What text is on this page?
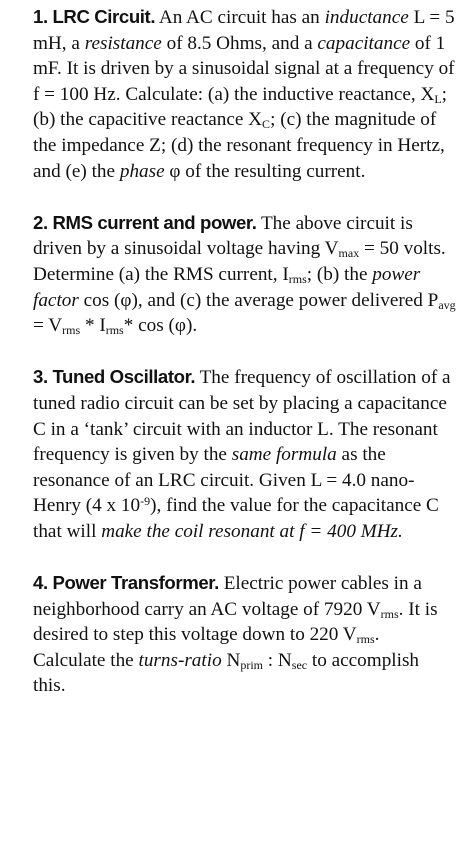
1. LRC Circuit. An AC circuit has an inductance L = 5 mH, a resistance of 8.5 Ohms, and a capacitance of 1 mF. It is driven by a sinusoidal signal at a frequency of f = 100 Hz. Calculate: (a) the inductive reactance, $X_L$; (b) the capacitive reactance $X_C$; (c) the magnitude of the impedance Z; (d) the resonant frequency in Hertz, and (e) the phase φ of the resulting current.

2. RMS current and power. The above circuit is driven by a sinusoidal voltage having $V_{max} = 50$ volts. Determine (a) the RMS current, $I_{rms}$; (b) the power factor cos (φ), and (c) the average power delivered $P_{avg} = V_{rms} * I_{rms}*$ cos (φ).

3. Tuned Oscillator. The frequency of oscillation of a tuned radio circuit can be set by placing a capacitance C in a ‘tank’ circuit with an inductor L. The resonant frequency is given by the same formula as the resonance of an LRC circuit. Given L = 4.0 nano-Henry (4 x $10^{-9}$), find the value for the capacitance C that will make the coil resonant at f = 400 MHz.

4. Power Transformer. Electric power cables in a neighborhood carry an AC voltage of 7920 $V_{rms}$. It is desired to step this voltage down to 220 $V_{rms}$. Calculate the turns-ratio $N_{prim}$ : $N_{sec}$ to accomplish this.
